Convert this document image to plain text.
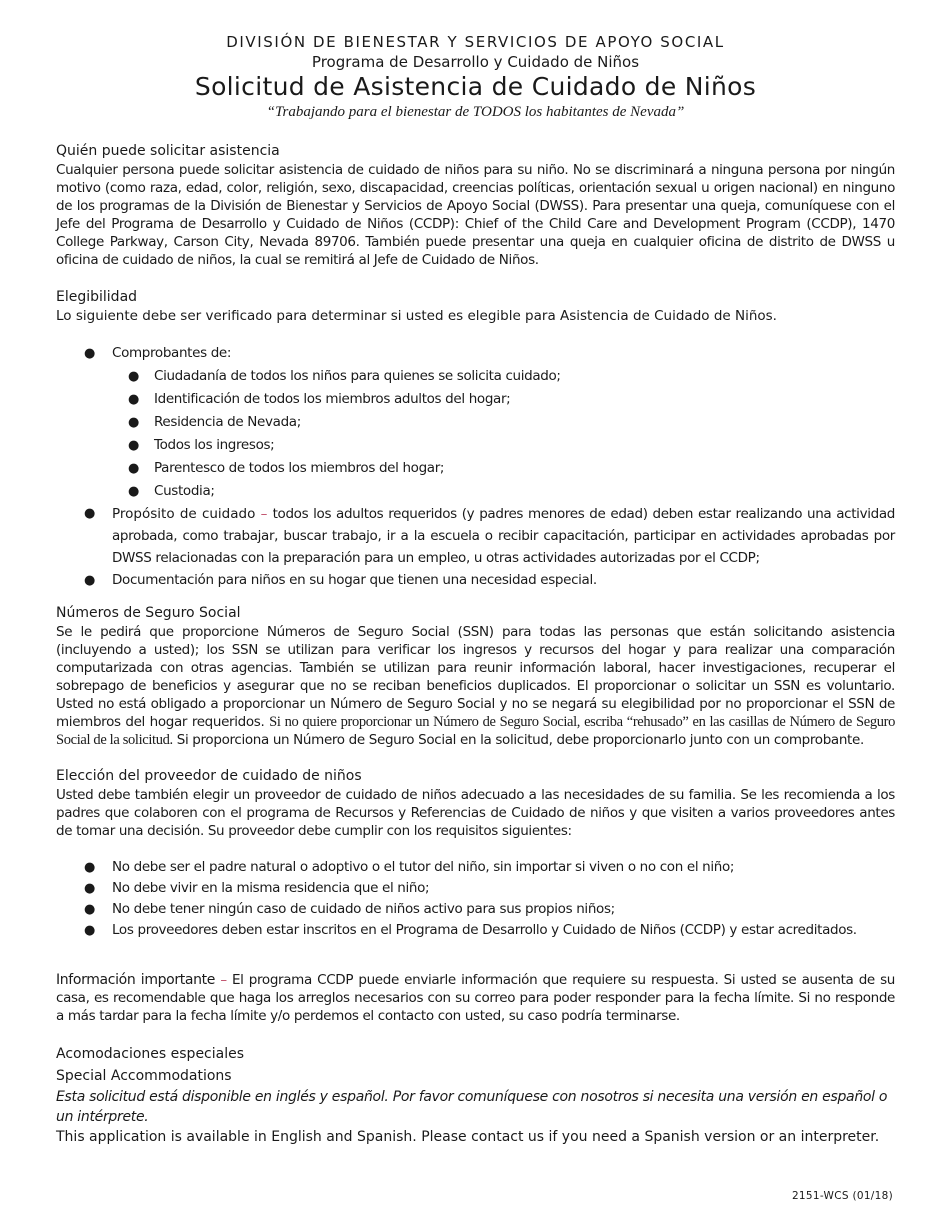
DIVISIÓN DE BIENESTAR Y SERVICIOS DE APOYO SOCIAL
Programa de Desarrollo y Cuidado de Niños
Solicitud de Asistencia de Cuidado de Niños
“Trabajando para el bienestar de TODOS los habitantes de Nevada”
Quién puede solicitar asistencia
Cualquier persona puede solicitar asistencia de cuidado de niños para su niño. No se discriminará a ninguna persona por ningún motivo (como raza, edad, color, religión, sexo, discapacidad, creencias políticas, orientación sexual u origen nacional) en ninguno de los programas de la División de Bienestar y Servicios de Apoyo Social (DWSS). Para presentar una queja, comuníquese con el Jefe del Programa de Desarrollo y Cuidado de Niños (CCDP): Chief of the Child Care and Development Program (CCDP), 1470 College Parkway, Carson City, Nevada 89706. También puede presentar una queja en cualquier oficina de distrito de DWSS u oficina de cuidado de niños, la cual se remitirá al Jefe de Cuidado de Niños.
Elegibilidad
Lo siguiente debe ser verificado para determinar si usted es elegible para Asistencia de Cuidado de Niños.
● Comprobantes de:
● Ciudadanía de todos los niños para quienes se solicita cuidado;
● Identificación de todos los miembros adultos del hogar;
● Residencia de Nevada;
● Todos los ingresos;
● Parentesco de todos los miembros del hogar;
● Custodia;
● Propósito de cuidado – todos los adultos requeridos (y padres menores de edad) deben estar realizando una actividad aprobada, como trabajar, buscar trabajo, ir a la escuela o recibir capacitación, participar en actividades aprobadas por DWSS relacionadas con la preparación para un empleo, u otras actividades autorizadas por el CCDP;
● Documentación para niños en su hogar que tienen una necesidad especial.
Números de Seguro Social
Se le pedirá que proporcione Números de Seguro Social (SSN) para todas las personas que están solicitando asistencia (incluyendo a usted); los SSN se utilizan para verificar los ingresos y recursos del hogar y para realizar una comparación computarizada con otras agencias. También se utilizan para reunir información laboral, hacer investigaciones, recuperar el sobrepago de beneficios y asegurar que no se reciban beneficios duplicados. El proporcionar o solicitar un SSN es voluntario. Usted no está obligado a proporcionar un Número de Seguro Social y no se negará su elegibilidad por no proporcionar el SSN de miembros del hogar requeridos. Si no quiere proporcionar un Número de Seguro Social, escriba “rehusado” en las casillas de Número de Seguro Social de la solicitud. Si proporciona un Número de Seguro Social en la solicitud, debe proporcionarlo junto con un comprobante.
Elección del proveedor de cuidado de niños
Usted debe también elegir un proveedor de cuidado de niños adecuado a las necesidades de su familia. Se les recomienda a los padres que colaboren con el programa de Recursos y Referencias de Cuidado de niños y que visiten a varios proveedores antes de tomar una decisión. Su proveedor debe cumplir con los requisitos siguientes:
● No debe ser el padre natural o adoptivo o el tutor del niño, sin importar si viven o no con el niño;
● No debe vivir en la misma residencia que el niño;
● No debe tener ningún caso de cuidado de niños activo para sus propios niños;
● Los proveedores deben estar inscritos en el Programa de Desarrollo y Cuidado de Niños (CCDP) y estar acreditados.
Información importante – El programa CCDP puede enviarle información que requiere su respuesta. Si usted se ausenta de su casa, es recomendable que haga los arreglos necesarios con su correo para poder responder para la fecha límite. Si no responde a más tardar para la fecha límite y/o perdemos el contacto con usted, su caso podría terminarse.
Acomodaciones especiales
Special Accommodations
Esta solicitud está disponible en inglés y español. Por favor comuníquese con nosotros si necesita una versión en español o un intérprete.
This application is available in English and Spanish. Please contact us if you need a Spanish version or an interpreter.
2151-WCS (01/18)
